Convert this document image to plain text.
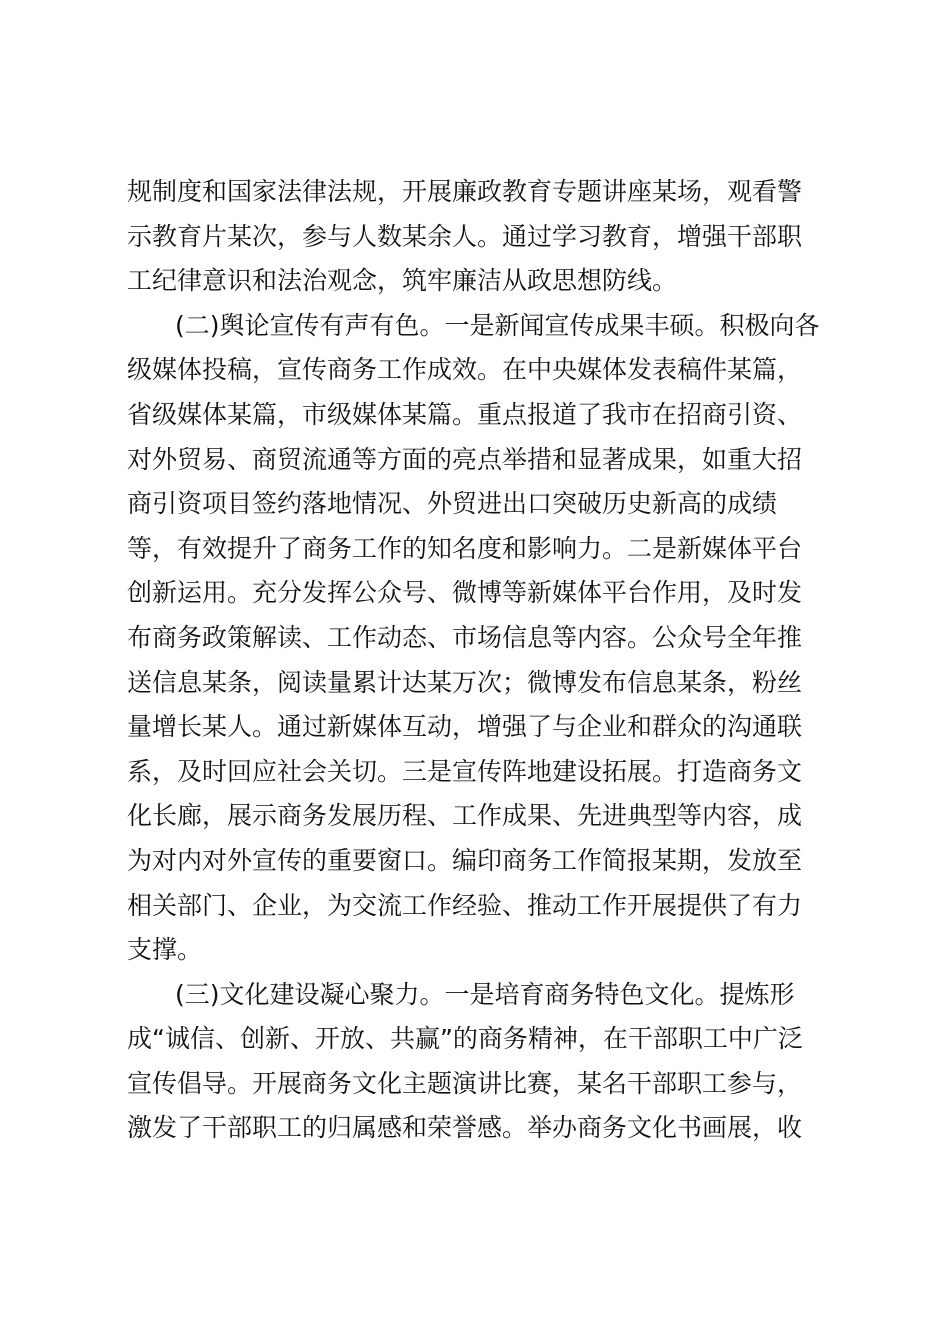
规制度和国家法律法规，开展廉政教育专题讲座某场，观看警
示教育片某次，参与人数某余人。通过学习教育，增强干部职
工纪律意识和法治观念，筑牢廉洁从政思想防线。
(二)舆论宣传有声有色。一是新闻宣传成果丰硕。积极向各
级媒体投稿，宣传商务工作成效。在中央媒体发表稿件某篇，
省级媒体某篇，市级媒体某篇。重点报道了我市在招商引资、
对外贸易、商贸流通等方面的亮点举措和显著成果，如重大招
商引资项目签约落地情况、外贸进出口突破历史新高的成绩
等，有效提升了商务工作的知名度和影响力。二是新媒体平台
创新运用。充分发挥公众号、微博等新媒体平台作用，及时发
布商务政策解读、工作动态、市场信息等内容。公众号全年推
送信息某条，阅读量累计达某万次；微博发布信息某条，粉丝
量增长某人。通过新媒体互动，增强了与企业和群众的沟通联
系，及时回应社会关切。三是宣传阵地建设拓展。打造商务文
化长廊，展示商务发展历程、工作成果、先进典型等内容，成
为对内对外宣传的重要窗口。编印商务工作简报某期，发放至
相关部门、企业，为交流工作经验、推动工作开展提供了有力
支撑。
(三)文化建设凝心聚力。一是培育商务特色文化。提炼形
成“诚信、创新、开放、共赢”的商务精神，在干部职工中广泛
宣传倡导。开展商务文化主题演讲比赛，某名干部职工参与，
激发了干部职工的归属感和荣誉感。举办商务文化书画展，收
